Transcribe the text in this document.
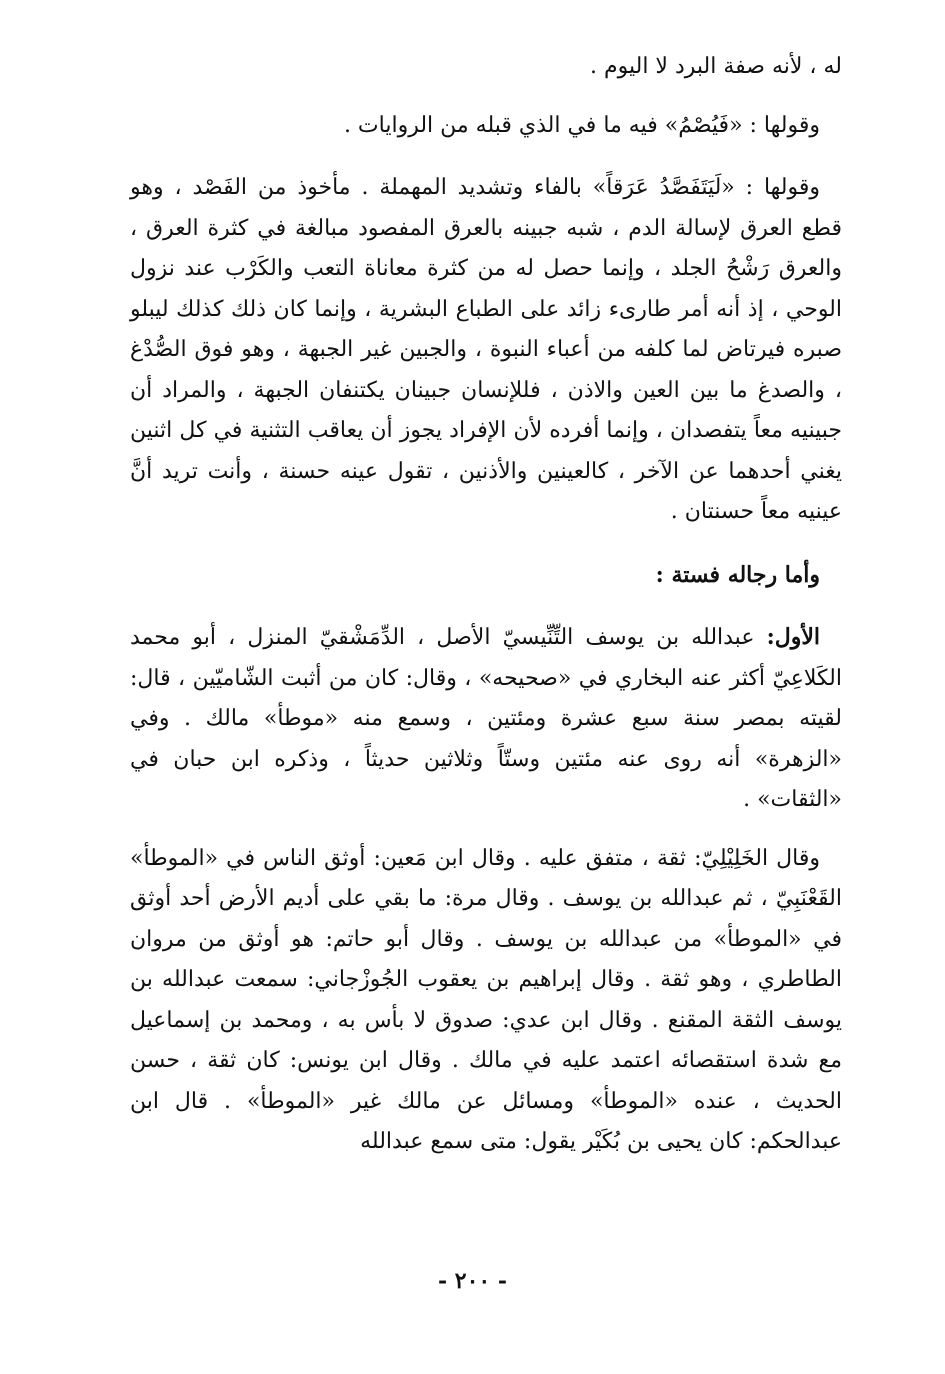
له ، لأنه صفة البرد لا اليوم .

وقولها : «فَيُصْمُ» فيه ما في الذي قبله من الروايات .

وقولها : «لَيَتَفَصَّدُ عَرَقاً» بالفاء وتشديد المهملة . مأخوذ من الفَصْد ، وهو قطع العرق لإسالة الدم ، شبه جبينه بالعرق المفصود مبالغة في كثرة العرق ، والعرق رَشْحُ الجلد ، وإنما حصل له من كثرة معاناة التعب والكَرْب عند نزول الوحي ، إذ أنه أمر طارىء زائد على الطباع البشرية ، وإنما كان ذلك كذلك ليبلو صبره فيرتاض لما كلفه من أعباء النبوة ، والجبين غير الجبهة ، وهو فوق الصُّدْغ ، والصدغ ما بين العين والاذن ، فللإنسان جبينان يكتنفان الجبهة ، والمراد أن جبينيه معاً يتفصدان ، وإنما أفرده لأن الإفراد يجوز أن يعاقب التثنية في كل اثنين يغني أحدهما عن الآخر ، كالعينين والأذنين ، تقول عينه حسنة ، وأنت تريد أنَّ عينيه معاً حسنتان .

وأما رجاله فستة :

الأول: عبدالله بن يوسف التِّنِّيسيّ الأصل ، الدِّمَشْقيّ المنزل ، أبو محمد الكَلاعِيّ أكثر عنه البخاري في «صحيحه» ، وقال: كان من أثبت الشّاميّين ، قال: لقيته بمصر سنة سبع عشرة ومئتين ، وسمع منه «موطأ» مالك . وفي «الزهرة» أنه روى عنه مئتين وستّاً وثلاثين حديثاً ، وذكره ابن حبان في «الثقات» .

وقال الخَلِيْلِيّ: ثقة ، متفق عليه . وقال ابن مَعين: أوثق الناس في «الموطأ» القَعْنَبِيّ ، ثم عبدالله بن يوسف . وقال مرة: ما بقي على أديم الأرض أحد أوثق في «الموطأ» من عبدالله بن يوسف . وقال أبو حاتم: هو أوثق من مروان الطاطري ، وهو ثقة . وقال إبراهيم بن يعقوب الجُوزْجاني: سمعت عبدالله بن يوسف الثقة المقنع . وقال ابن عدي: صدوق لا بأس به ، ومحمد بن إسماعيل مع شدة استقصائه اعتمد عليه في مالك . وقال ابن يونس: كان ثقة ، حسن الحديث ، عنده «الموطأ» ومسائل عن مالك غير «الموطأ» . قال ابن عبدالحكم: كان يحيى بن بُكَيْر يقول: متى سمع عبدالله

- ٢٠٠ -
